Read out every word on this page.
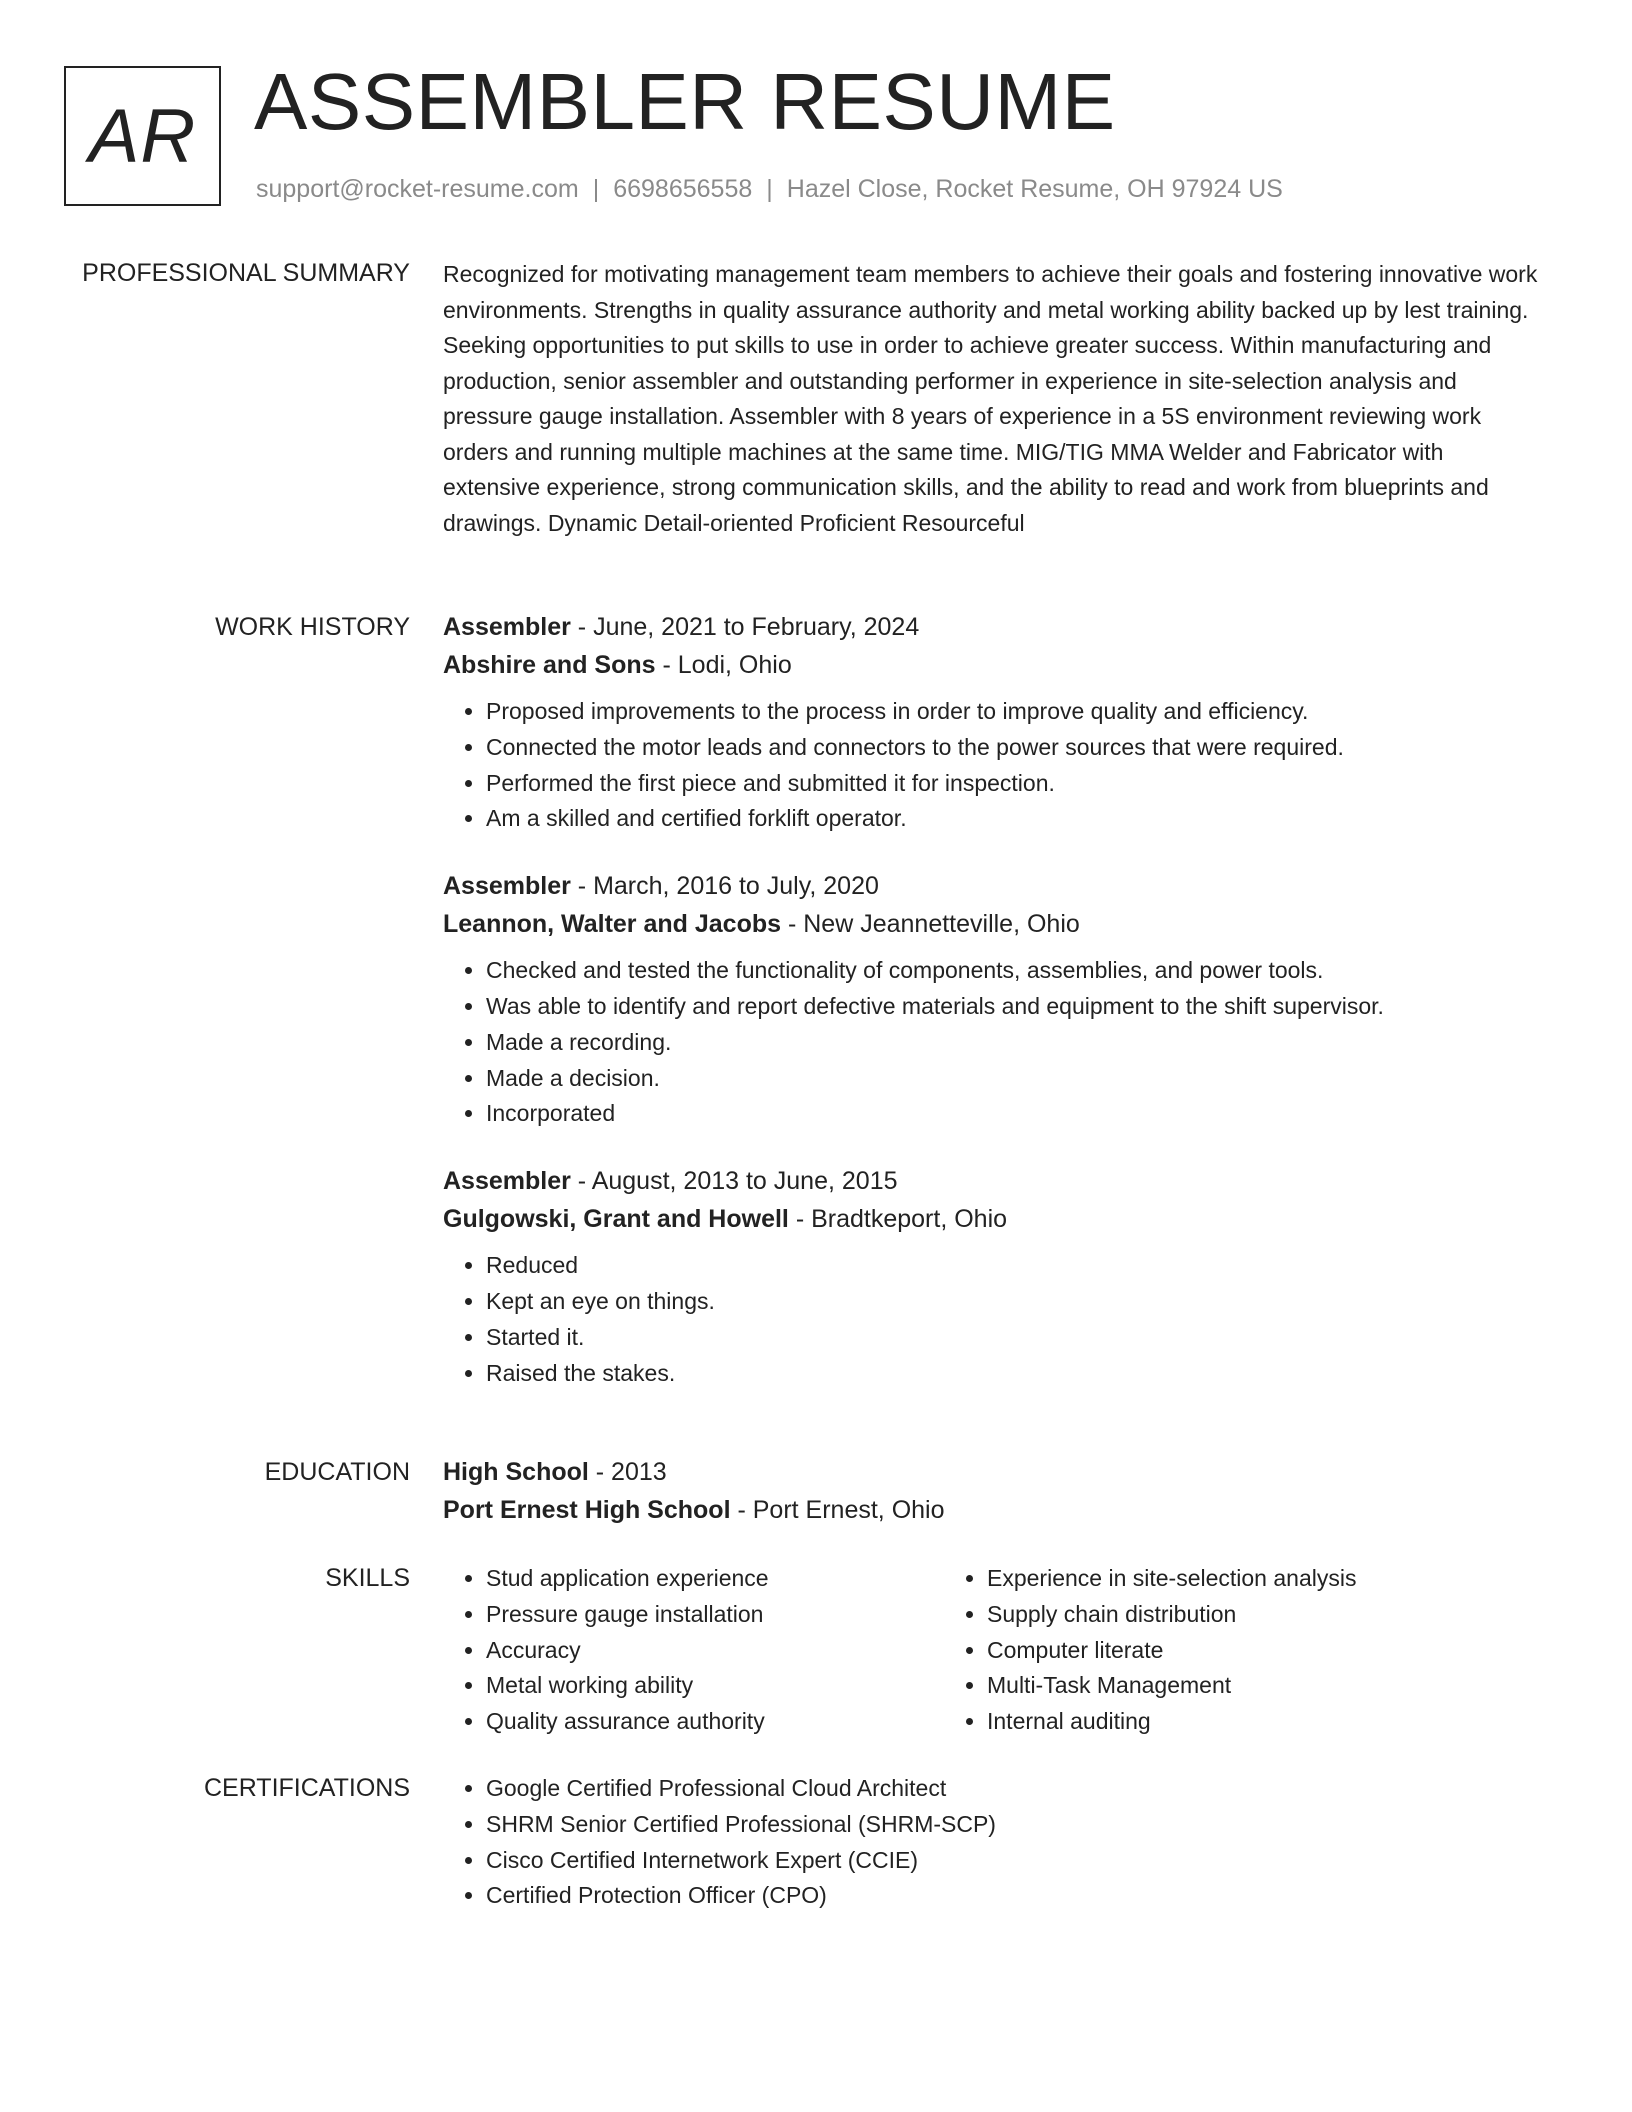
AR ASSEMBLER RESUME
support@rocket-resume.com | 6698656558 | Hazel Close, Rocket Resume, OH 97924 US
PROFESSIONAL SUMMARY Recognized for motivating management team members to achieve their goals and fostering innovative work environments. Strengths in quality assurance authority and metal working ability backed up by lest training. Seeking opportunities to put skills to use in order to achieve greater success. Within manufacturing and production, senior assembler and outstanding performer in experience in site-selection analysis and pressure gauge installation. Assembler with 8 years of experience in a 5S environment reviewing work orders and running multiple machines at the same time. MIG/TIG MMA Welder and Fabricator with extensive experience, strong communication skills, and the ability to read and work from blueprints and drawings. Dynamic Detail-oriented Proficient Resourceful

WORK HISTORY Assembler - June, 2021 to February, 2024
Abshire and Sons - Lodi, Ohio
• Proposed improvements to the process in order to improve quality and efficiency.
• Connected the motor leads and connectors to the power sources that were required.
• Performed the first piece and submitted it for inspection.
• Am a skilled and certified forklift operator.
Assembler - March, 2016 to July, 2020
Leannon, Walter and Jacobs - New Jeannetteville, Ohio
• Checked and tested the functionality of components, assemblies, and power tools.
• Was able to identify and report defective materials and equipment to the shift supervisor.
• Made a recording.
• Made a decision.
• Incorporated
Assembler - August, 2013 to June, 2015
Gulgowski, Grant and Howell - Bradtkeport, Ohio
• Reduced
• Kept an eye on things.
• Started it.
• Raised the stakes.
EDUCATION High School - 2013
Port Ernest High School - Port Ernest, Ohio
SKILLS	• Stud application experience
• Pressure gauge installation
• Accuracy
• Metal working ability
• Quality assurance authority
• Experience in site-selection analysis
• Supply chain distribution
• Computer literate
• Multi-Task Management
• Internal auditing
CERTIFICATIONS	• Google Certified Professional Cloud Architect
• SHRM Senior Certified Professional (SHRM-SCP)
• Cisco Certified Internetwork Expert (CCIE)
• Certified Protection Officer (CPO)
